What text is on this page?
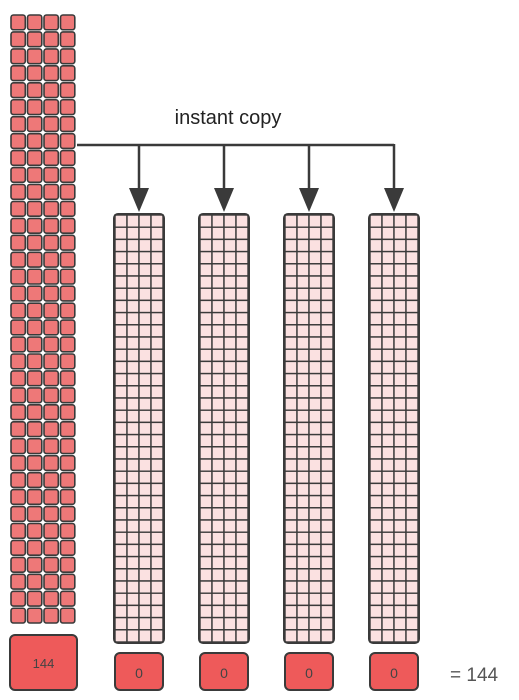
144
instant copy
0	0	0	0	= 144
